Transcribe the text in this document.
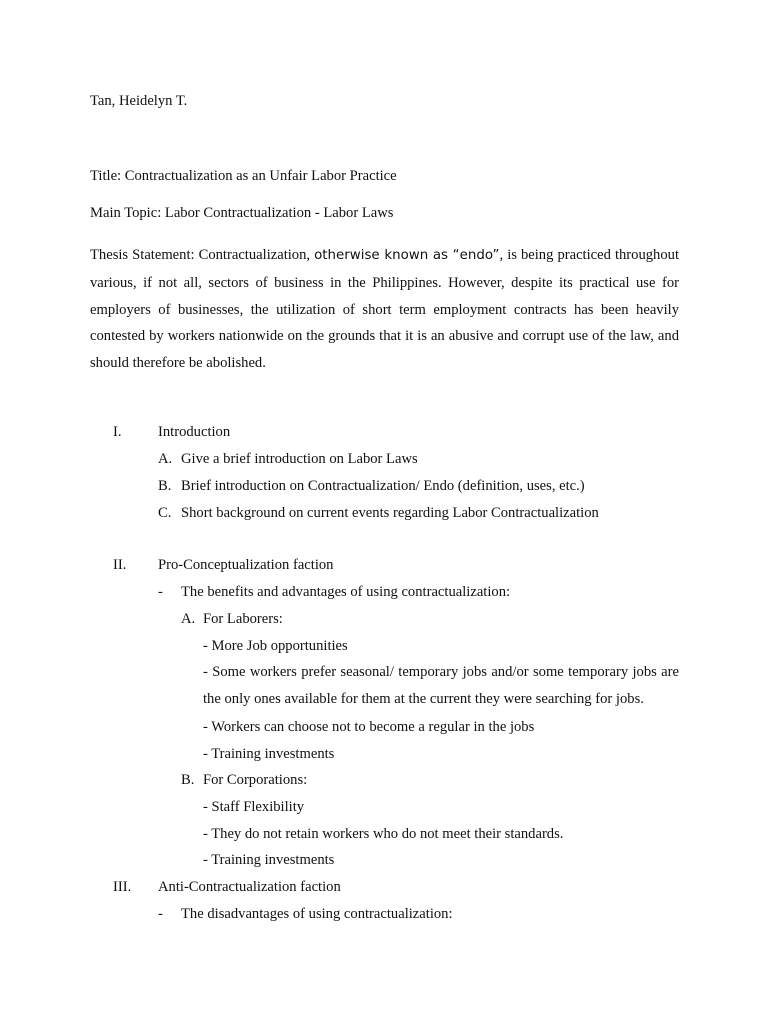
Tan, Heidelyn T.
Title: Contractualization as an Unfair Labor Practice
Main Topic: Labor Contractualization - Labor Laws
Thesis Statement: Contractualization, otherwise known as “endo”, is being practiced throughout various, if not all, sectors of business in the Philippines. However, despite its practical use for employers of businesses, the utilization of short term employment contracts has been heavily contested by workers nationwide on the grounds that it is an abusive and corrupt use of the law, and should therefore be abolished.
I. Introduction
A. Give a brief introduction on Labor Laws
B. Brief introduction on Contractualization/ Endo (definition, uses, etc.)
C. Short background on current events regarding Labor Contractualization
II. Pro-Conceptualization faction
- The benefits and advantages of using contractualization:
A. For Laborers:
- More Job opportunities
- Some workers prefer seasonal/ temporary jobs and/or some temporary jobs are the only ones available for them at the current they were searching for jobs.
- Workers can choose not to become a regular in the jobs
- Training investments
B. For Corporations:
- Staff Flexibility
- They do not retain workers who do not meet their standards.
- Training investments
III. Anti-Contractualization faction
- The disadvantages of using contractualization:
